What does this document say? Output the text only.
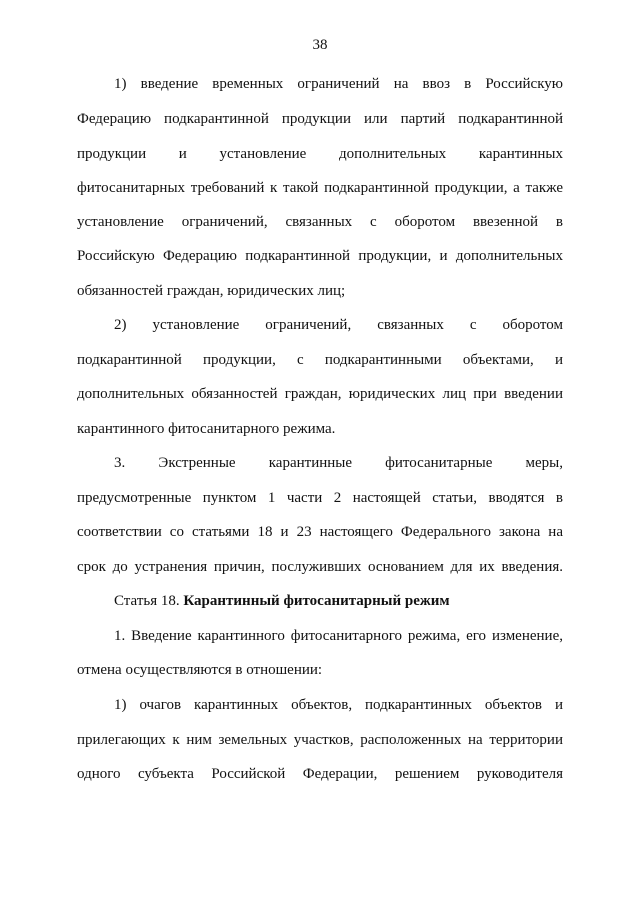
38
1) введение временных ограничений на ввоз в Российскую
Федерацию подкарантинной продукции или партий подкарантинной
продукции и установление дополнительных карантинных
фитосанитарных требований к такой подкарантинной продукции, а также
установление ограничений, связанных с оборотом ввезенной в
Российскую Федерацию подкарантинной продукции, и дополнительных
обязанностей граждан, юридических лиц;
2) установление ограничений, связанных с оборотом
подкарантинной продукции, с подкарантинными объектами, и
дополнительных обязанностей граждан, юридических лиц при введении
карантинного фитосанитарного режима.
3. Экстренные карантинные фитосанитарные меры,
предусмотренные пунктом 1 части 2 настоящей статьи, вводятся в
соответствии со статьями 18 и 23 настоящего Федерального закона на
срок до устранения причин, послуживших основанием для их введения.
Статья 18. Карантинный фитосанитарный режим
1. Введение карантинного фитосанитарного режима, его изменение,
отмена осуществляются в отношении:
1) очагов карантинных объектов, подкарантинных объектов и
прилегающих к ним земельных участков, расположенных на территории
одного субъекта Российской Федерации, решением руководителя
